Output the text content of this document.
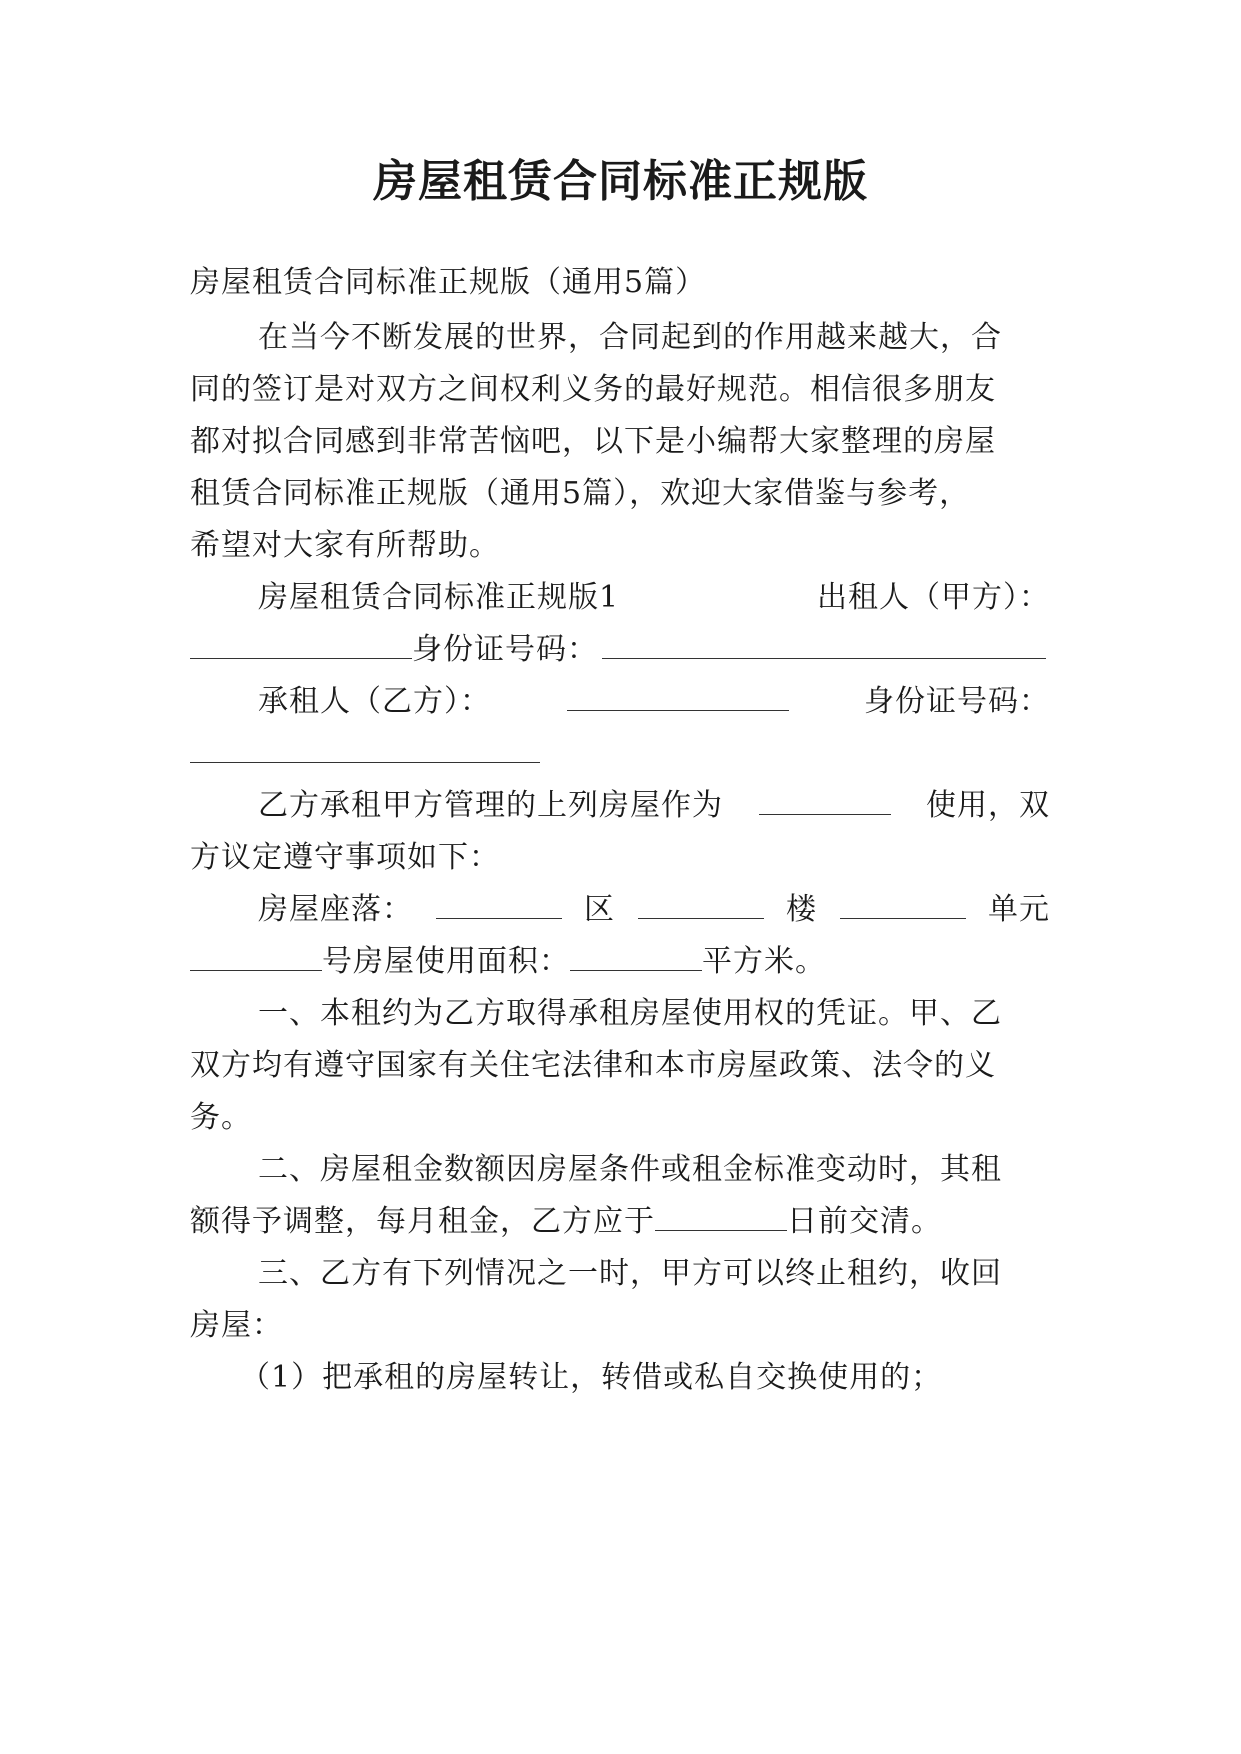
房屋租赁合同标准正规版
房屋租赁合同标准正规版（通用5篇）
在当今不断发展的世界，合同起到的作用越来越大，合
同的签订是对双方之间权利义务的最好规范。相信很多朋友
都对拟合同感到非常苦恼吧，以下是小编帮大家整理的房屋
租赁合同标准正规版（通用5篇），欢迎大家借鉴与参考，
希望对大家有所帮助。
房屋租赁合同标准正规版1	出租人（甲方）：
身份证号码：
承租人（乙方）：	身份证号码：
乙方承租甲方管理的上列房屋作为	使用，双
方议定遵守事项如下：
房屋座落：	区	楼	单元
号房屋使用面积：	平方米。
一、本租约为乙方取得承租房屋使用权的凭证。甲、乙
双方均有遵守国家有关住宅法律和本市房屋政策、法令的义
务。
二、房屋租金数额因房屋条件或租金标准变动时，其租
额得予调整，每月租金，乙方应于	日前交清。
三、乙方有下列情况之一时，甲方可以终止租约，收回
房屋：
（1）把承租的房屋转让，转借或私自交换使用的；
